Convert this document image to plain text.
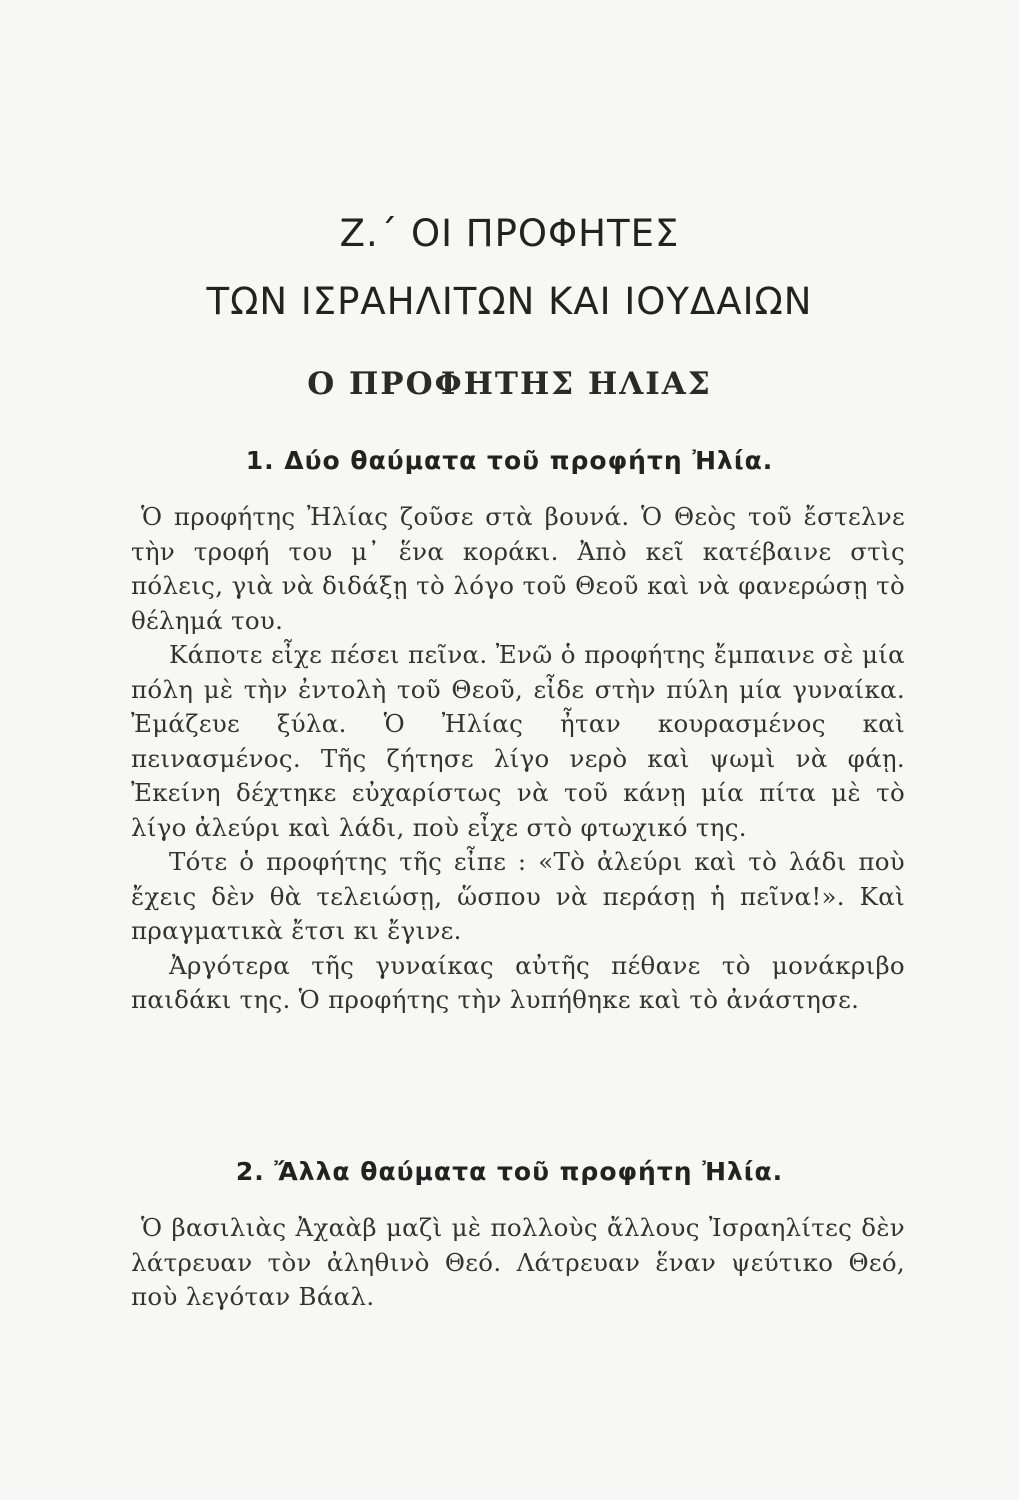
Ζ.΄ ΟΙ ΠΡΟΦΗΤΕΣ
ΤΩΝ ΙΣΡΑΗΛΙΤΩΝ ΚΑΙ ΙΟΥΔΑΙΩΝ
Ο ΠΡΟΦΗΤΗΣ ΗΛΙΑΣ
1. Δύο θαύματα τοῦ προφήτη Ἠλία.

Ὁ προφήτης Ἠλίας ζοῦσε στὰ βουνά. Ὁ Θεὸς τοῦ ἔστελνε τὴν τροφή του μ᾽ ἕνα κοράκι. Ἀπὸ κεῖ κατέβαινε στὶς πόλεις, γιὰ νὰ διδάξῃ τὸ λόγο τοῦ Θεοῦ καὶ νὰ φανερώσῃ τὸ θέλημά του.

Κάποτε εἶχε πέσει πεῖνα. Ἐνῶ ὁ προφήτης ἔμπαινε σὲ μία πόλη μὲ τὴν ἐντολὴ τοῦ Θεοῦ, εἶδε στὴν πύλη μία γυναίκα. Ἐμάζευε ξύλα. Ὁ Ἠλίας ἦταν κουρασμένος καὶ πεινασμένος. Τῆς ζήτησε λίγο νερὸ καὶ ψωμὶ νὰ φάῃ. Ἐκείνη δέχτηκε εὐχαρίστως νὰ τοῦ κάνῃ μία πίτα μὲ τὸ λίγο ἀλεύρι καὶ λάδι, ποὺ εἶχε στὸ φτωχικό της.

Τότε ὁ προφήτης τῆς εἶπε : «Τὸ ἀλεύρι καὶ τὸ λάδι ποὺ ἔχεις δὲν θὰ τελειώσῃ, ὥσπου νὰ περάσῃ ἡ πεῖνα!». Καὶ πραγματικὰ ἔτσι κι ἔγινε.

Ἀργότερα τῆς γυναίκας αὐτῆς πέθανε τὸ μονάκριβο παιδάκι της. Ὁ προφήτης τὴν λυπήθηκε καὶ τὸ ἀνάστησε.

2. Ἄλλα θαύματα τοῦ προφήτη Ἠλία.

Ὁ βασιλιὰς Ἀχαὰβ μαζὶ μὲ πολλοὺς ἄλλους Ἰσραηλίτες δὲν λάτρευαν τὸν ἀληθινὸ Θεό. Λάτρευαν ἕναν ψεύτικο Θεό, ποὺ λεγόταν Βάαλ.
